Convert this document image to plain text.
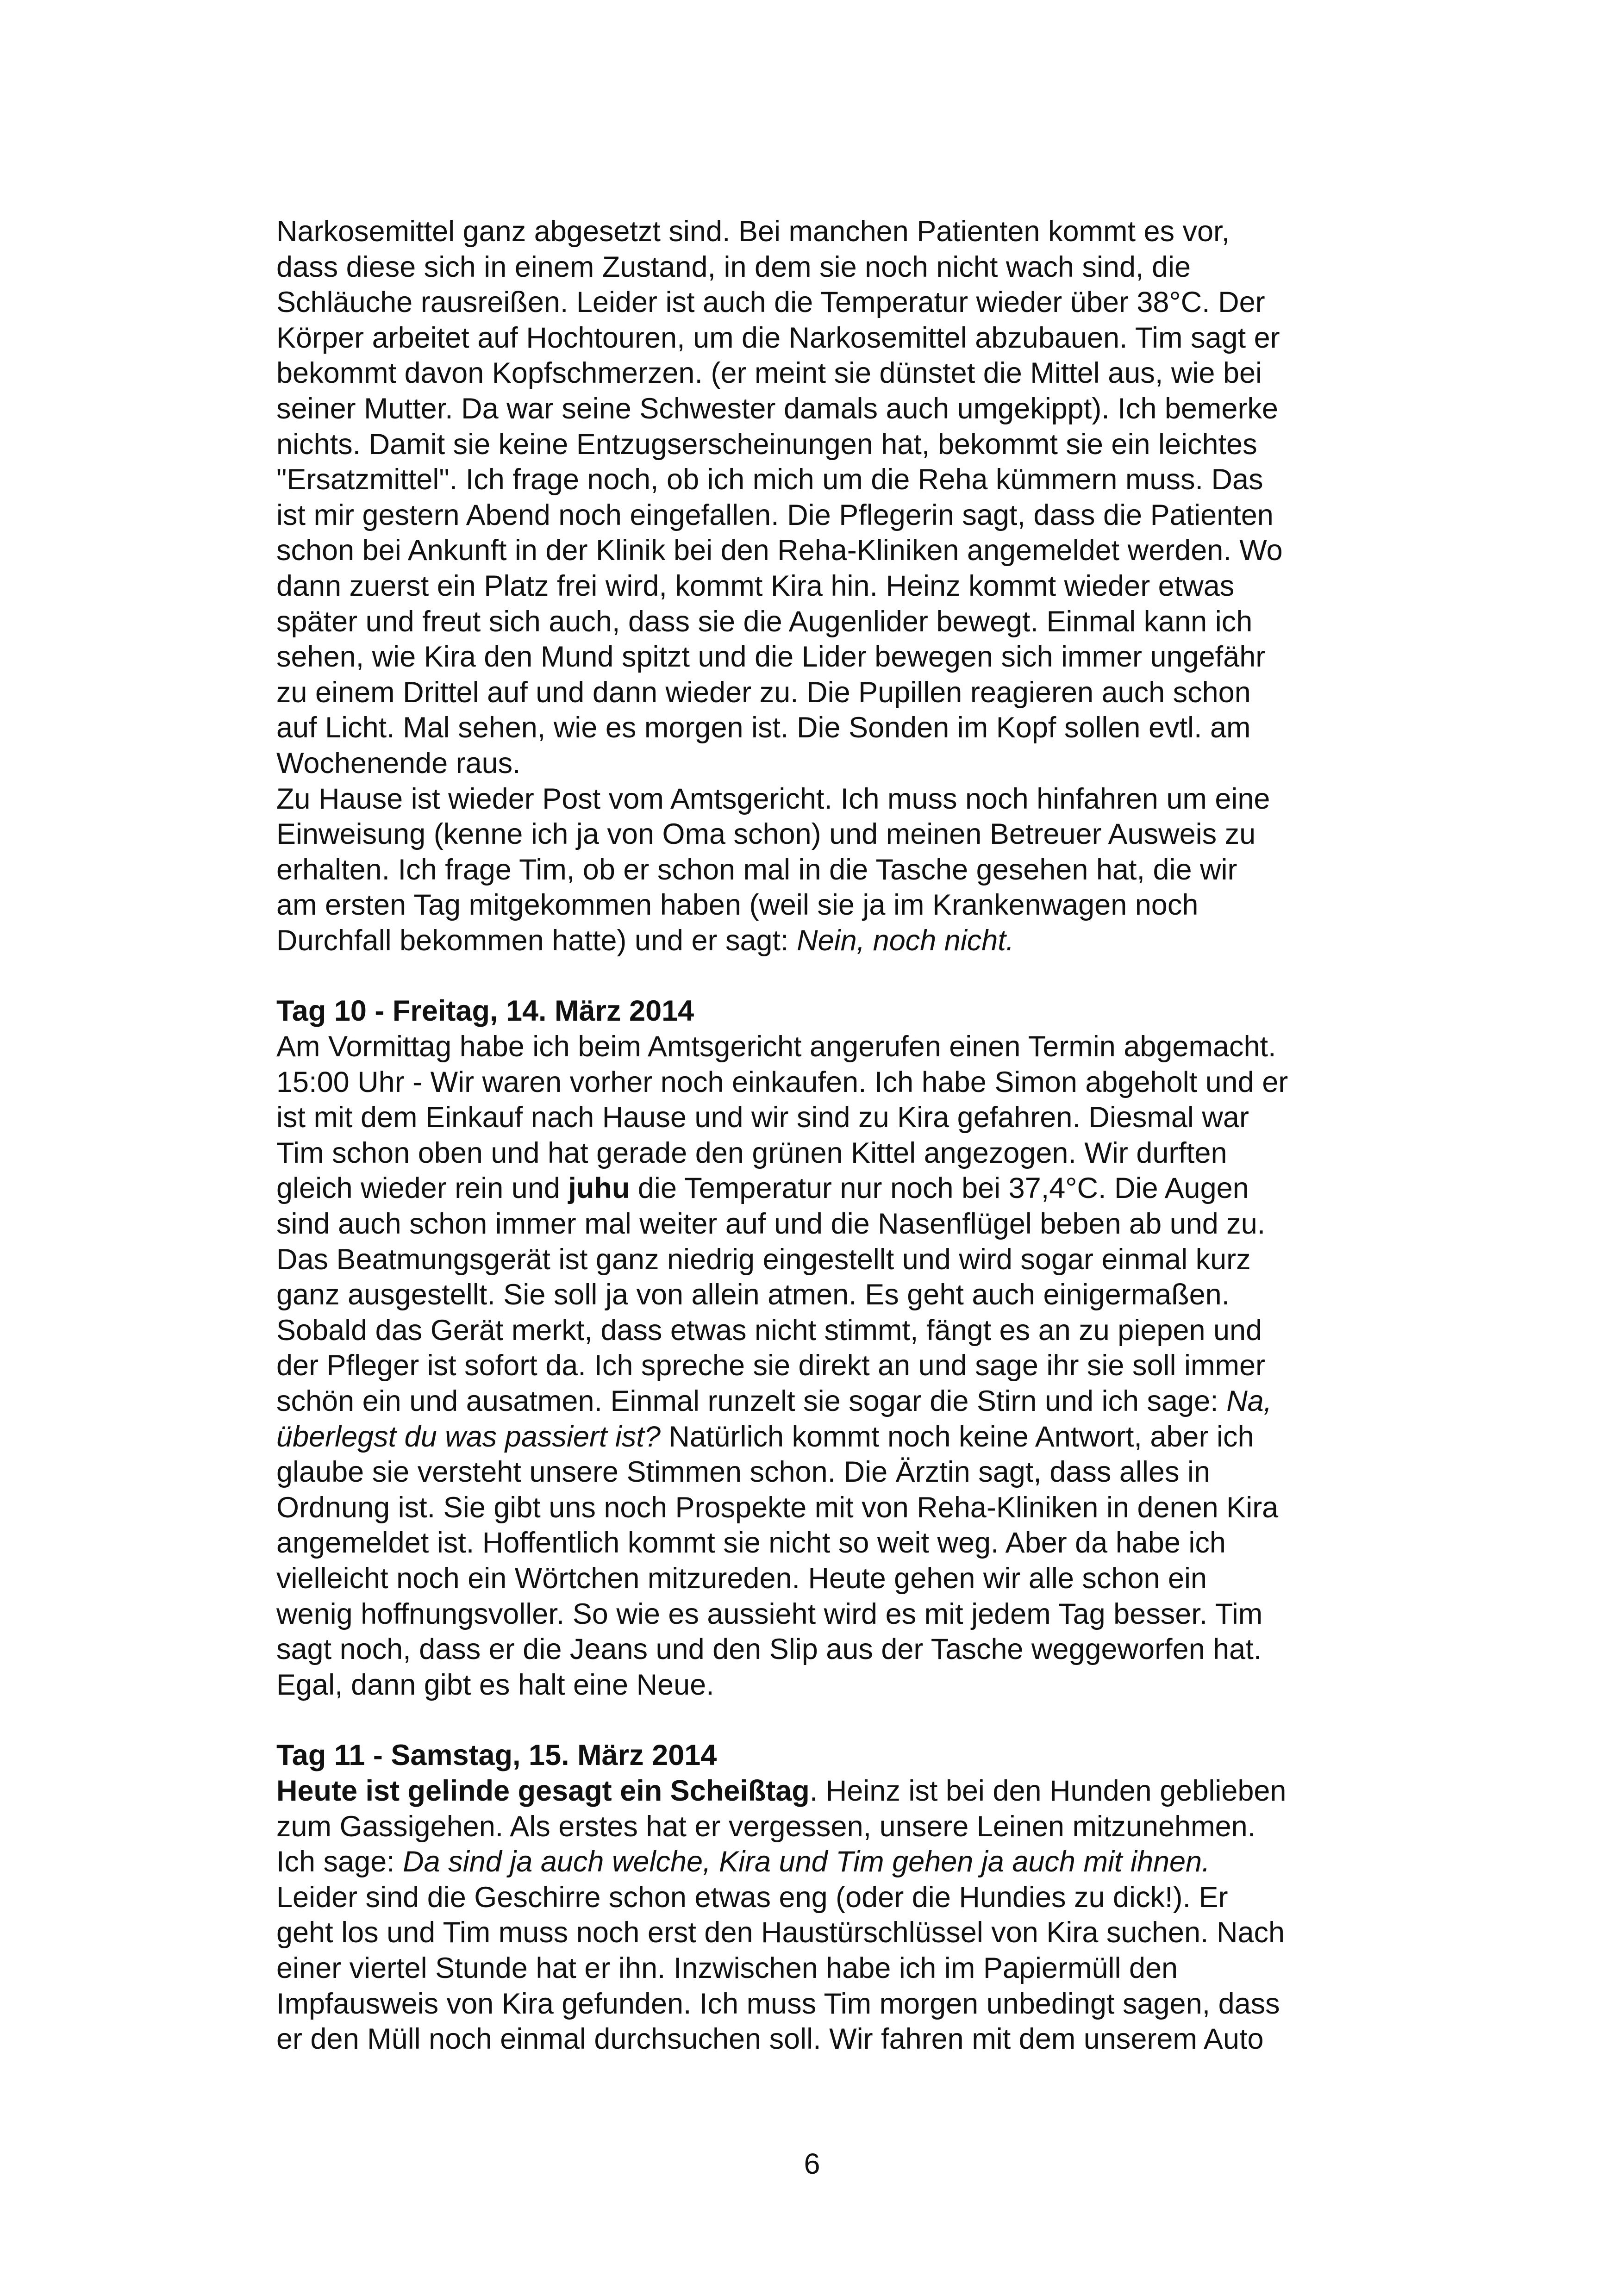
Narkosemittel ganz abgesetzt sind. Bei manchen Patienten kommt es vor,
dass diese sich in einem Zustand, in dem sie noch nicht wach sind, die
Schläuche rausreißen. Leider ist auch die Temperatur wieder über 38°C. Der
Körper arbeitet auf Hochtouren, um die Narkosemittel abzubauen. Tim sagt er
bekommt davon Kopfschmerzen. (er meint sie dünstet die Mittel aus, wie bei
seiner Mutter. Da war seine Schwester damals auch umgekippt). Ich bemerke
nichts. Damit sie keine Entzugserscheinungen hat, bekommt sie ein leichtes
"Ersatzmittel". Ich frage noch, ob ich mich um die Reha kümmern muss. Das
ist mir gestern Abend noch eingefallen. Die Pflegerin sagt, dass die Patienten
schon bei Ankunft in der Klinik bei den Reha-Kliniken angemeldet werden. Wo
dann zuerst ein Platz frei wird, kommt Kira hin. Heinz kommt wieder etwas
später und freut sich auch, dass sie die Augenlider bewegt. Einmal kann ich
sehen, wie Kira den Mund spitzt und die Lider bewegen sich immer ungefähr
zu einem Drittel auf und dann wieder zu. Die Pupillen reagieren auch schon
auf Licht. Mal sehen, wie es morgen ist. Die Sonden im Kopf sollen evtl. am
Wochenende raus.

Zu Hause ist wieder Post vom Amtsgericht. Ich muss noch hinfahren um eine
Einweisung (kenne ich ja von Oma schon) und meinen Betreuer Ausweis zu
erhalten. Ich frage Tim, ob er schon mal in die Tasche gesehen hat, die wir
am ersten Tag mitgekommen haben (weil sie ja im Krankenwagen noch
Durchfall bekommen hatte) und er sagt: Nein, noch nicht.

Tag 10 - Freitag, 14. März 2014

Am Vormittag habe ich beim Amtsgericht angerufen einen Termin abgemacht.
15:00 Uhr - Wir waren vorher noch einkaufen. Ich habe Simon abgeholt und er
ist mit dem Einkauf nach Hause und wir sind zu Kira gefahren. Diesmal war
Tim schon oben und hat gerade den grünen Kittel angezogen. Wir durften
gleich wieder rein und juhu die Temperatur nur noch bei 37,4°C. Die Augen
sind auch schon immer mal weiter auf und die Nasenflügel beben ab und zu.
Das Beatmungsgerät ist ganz niedrig eingestellt und wird sogar einmal kurz
ganz ausgestellt. Sie soll ja von allein atmen. Es geht auch einigermaßen.
Sobald das Gerät merkt, dass etwas nicht stimmt, fängt es an zu piepen und
der Pfleger ist sofort da. Ich spreche sie direkt an und sage ihr sie soll immer
schön ein und ausatmen. Einmal runzelt sie sogar die Stirn und ich sage: Na,
überlegst du was passiert ist? Natürlich kommt noch keine Antwort, aber ich
glaube sie versteht unsere Stimmen schon. Die Ärztin sagt, dass alles in
Ordnung ist. Sie gibt uns noch Prospekte mit von Reha-Kliniken in denen Kira
angemeldet ist. Hoffentlich kommt sie nicht so weit weg. Aber da habe ich
vielleicht noch ein Wörtchen mitzureden. Heute gehen wir alle schon ein
wenig hoffnungsvoller. So wie es aussieht wird es mit jedem Tag besser. Tim
sagt noch, dass er die Jeans und den Slip aus der Tasche weggeworfen hat.
Egal, dann gibt es halt eine Neue.

Tag 11 - Samstag, 15. März 2014

Heute ist gelinde gesagt ein Scheißtag. Heinz ist bei den Hunden geblieben
zum Gassigehen. Als erstes hat er vergessen, unsere Leinen mitzunehmen.
Ich sage: Da sind ja auch welche, Kira und Tim gehen ja auch mit ihnen.
Leider sind die Geschirre schon etwas eng (oder die Hundies zu dick!). Er
geht los und Tim muss noch erst den Haustürschlüssel von Kira suchen. Nach
einer viertel Stunde hat er ihn. Inzwischen habe ich im Papiermüll den
Impfausweis von Kira gefunden. Ich muss Tim morgen unbedingt sagen, dass
er den Müll noch einmal durchsuchen soll. Wir fahren mit dem unserem Auto

6
